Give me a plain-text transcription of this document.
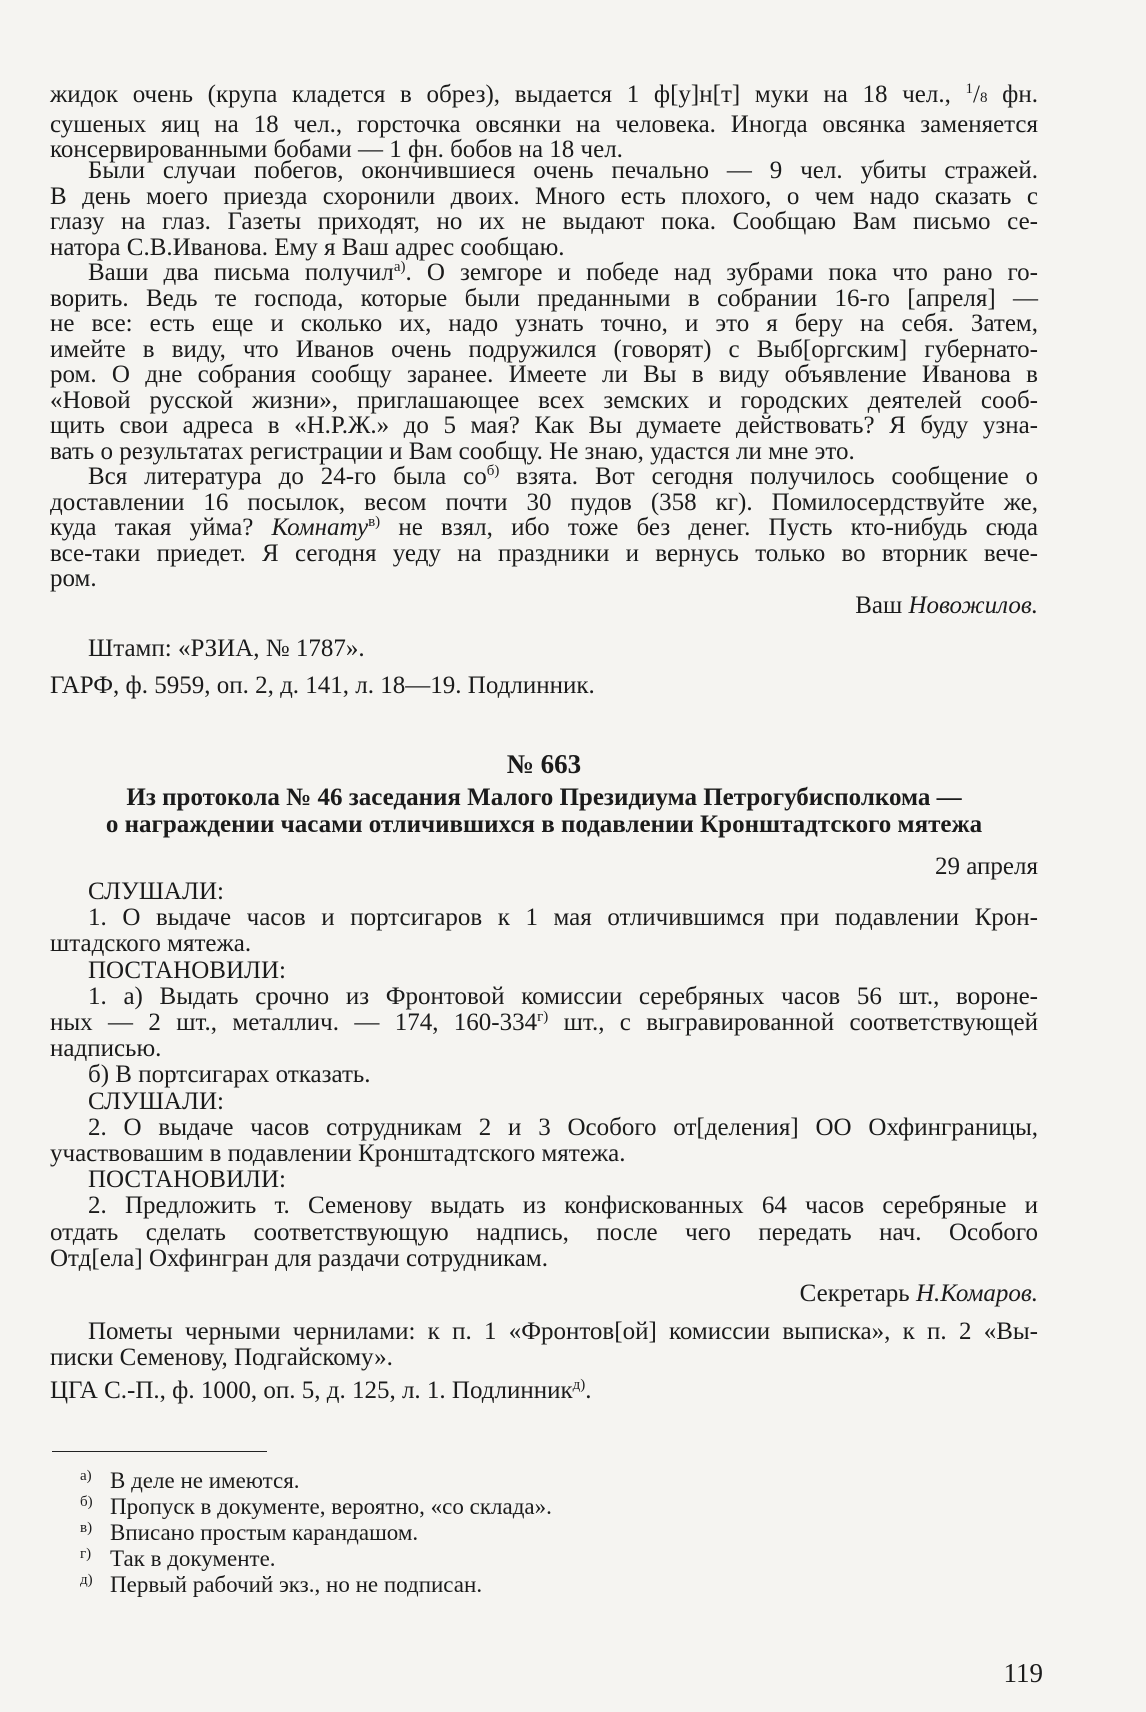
жидок очень (крупа кладется в обрез), выдается 1 ф[у]н[т] муки на 18 чел., $^1$/8 фн.
сушеных яиц на 18 чел., горсточка овсянки на человека. Иногда овсянка заменяется
консервированными бобами — 1 фн. бобов на 18 чел.
Были случаи побегов, окончившиеся очень печально — 9 чел. убиты стражей.
В день моего приезда схоронили двоих. Много есть плохого, о чем надо сказать с
глазу на глаз. Газеты приходят, но их не выдают пока. Сообщаю Вам письмо се-
натора С.В.Иванова. Ему я Ваш адрес сообщаю.
Ваши два письма получил$^{а)}$. О земгоре и победе над зубрами пока что рано го-
ворить. Ведь те господа, которые были преданными в собрании 16-го [апреля] —
не все: есть еще и сколько их, надо узнать точно, и это я беру на себя. Затем,
имейте в виду, что Иванов очень подружился (говорят) с Выб[оргским] губернато-
ром. О дне собрания сообщу заранее. Имеете ли Вы в виду объявление Иванова в
«Новой русской жизни», приглашающее всех земских и городских деятелей сооб-
щить свои адреса в «Н.Р.Ж.» до 5 мая? Как Вы думаете действовать? Я буду узна-
вать о результатах регистрации и Вам сообщу. Не знаю, удастся ли мне это.
Вся литература до 24-го была $со^{б)}$ взята. Вот сегодня получилось сообщение о
доставлении 16 посылок, весом почти 30 пудов (358 кг). Помилосердствуйте же,
куда такая уйма? Комнату$^{в)}$ не взял, ибо тоже без денег. Пусть кто-нибудь сюда
все-таки приедет. Я сегодня уеду на праздники и вернусь только во вторник вече-
ром.
Ваш Новожилов.
Штамп: «РЗИА, № 1787».
ГАРФ, ф. 5959, оп. 2, д. 141, л. 18—19. Подлинник.
№ 663
Из протокола № 46 заседания Малого Президиума Петрогубисполкома —
о награждении часами отличившихся в подавлении Кронштадтского мятежа
29 апреля
СЛУШАЛИ:
1. О выдаче часов и портсигаров к 1 мая отличившимся при подавлении Крон-
штадского мятежа.
ПОСТАНОВИЛИ:
1. а) Выдать срочно из Фронтовой комиссии серебряных часов 56 шт., вороне-
ных — 2 шт., металлич. — 174, $160-334^{г)}$ шт., с выгравированной соответствующей
надписью.
б) В портсигарах отказать.
СЛУШАЛИ:
2. О выдаче часов сотрудникам 2 и 3 Особого от[деления] ОО Охфинграницы,
участвовашим в подавлении Кронштадтского мятежа.
ПОСТАНОВИЛИ:
2. Предложить т. Семенову выдать из конфискованных 64 часов серебряные и
отдать сделать соответствующую надпись, после чего передать нач. Особого
Отд[ела] Охфингран для раздачи сотрудникам.
Секретарь Н.Комаров.
Пометы черными чернилами: к п. 1 «Фронтов[ой] комиссии выписка», к п. 2 «Вы-
писки Семенову, Подгайскому».
ЦГА С.-П., ф. 1000, оп. 5, д. 125, л. 1. Подлинник$^{д)}$.
а) В деле не имеются.
б) Пропуск в документе, вероятно, «со склада».
в) Вписано простым карандашом.
г) Так в документе.
д) Первый рабочий экз., но не подписан.
119
